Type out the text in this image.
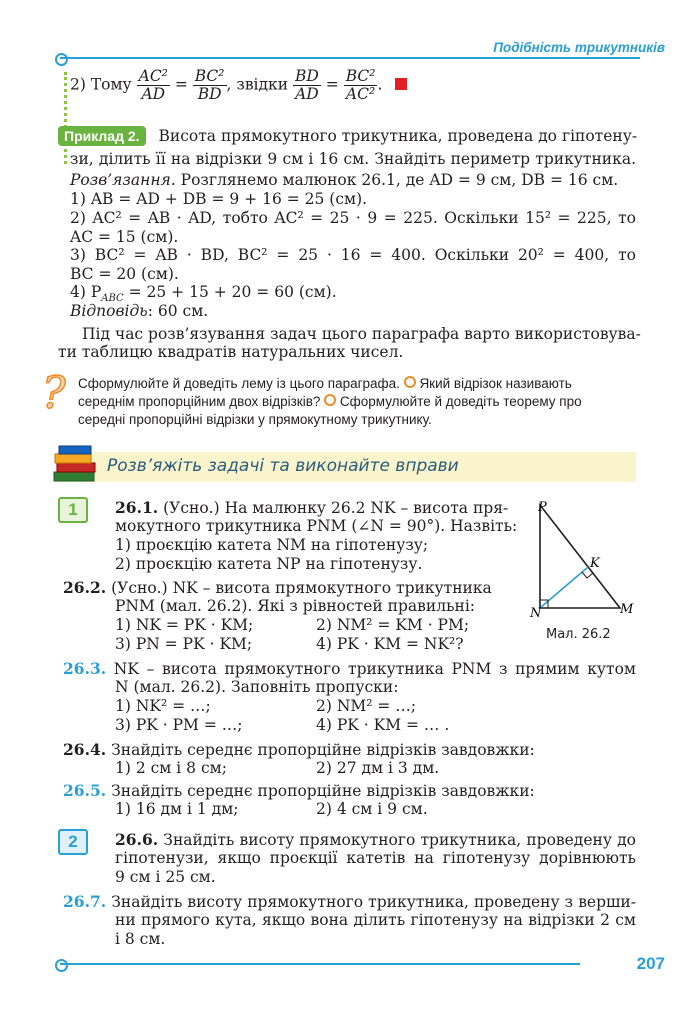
Подібність трикутників
2) Тому $\frac{\text{AC²}}{AD} = \frac{\text{BC²}}{BD}$ , звідки $\frac{BD}{AD} = \frac{\text{BC²}}{\text{AC²}}$ .
Приклад 2. Висота прямокутного трикутника, проведена до гіпотену-
зи, ділить її на відрізки 9 см і 16 см. Знайдіть периметр трикутника.
Розв’язання. Розглянемо малюнок 26.1, де AD = 9 см, DB = 16 см.
1) AB = AD + DB = 9 + 16 = 25 (см).
2) AC² = AB · AD, тобто AC² = 25 · 9 = 225. Оскільки 15² = 225, то
AC = 15 (см).
3) BC² = AB · BD, BC² = 25 · 16 = 400. Оскільки 20² = 400, то
BC = 20 (см).
4) $P_{ABC} = 25 + 15 + 20 = 60$ (см).
Відповідь: 60 см.
Під час розв’язування задач цього параграфа варто використовува-
ти таблицю квадратів натуральних чисел.
? Сформулюйте й доведіть лему із цього параграфа. Який відрізок називають
середнім пропорційним двох відрізків? Сформулюйте й доведіть теорему про
середні пропорційні відрізки у прямокутному трикутнику.
Розв’яжіть задачі та виконайте вправи
1
2
P
K
N	M
Мал. 26.2
26.1. (Усно.) На малюнку 26.2 NK – висота пря-
мокутного трикутника PNM (∠N = 90°). Назвіть:
1) проєкцію катета NM на гіпотенузу;
2) проєкцію катета NP на гіпотенузу.
26.2. (Усно.) NK – висота прямокутного трикутника
PNM (мал. 26.2). Які з рівностей правильні:
1) NK = PK · KM;	2) NM² = KM · PM;
3) PN = PK · KM;	4) PK · KM = NK²?
26.3. NK – висота прямокутного трикутника PNM з прямим кутом
N (мал. 26.2). Заповніть пропуски:
1) NK² = …;	2) NM² = …;
3) PK · PM = …;	4) PK · KM = … .
26.4. Знайдіть середнє пропорційне відрізків завдовжки:
1) 2 см і 8 см;	2) 27 дм і 3 дм.
26.5. Знайдіть середнє пропорційне відрізків завдовжки:
1) 16 дм і 1 дм;	2) 4 см і 9 см.
26.6. Знайдіть висоту прямокутного трикутника, проведену до
гіпотенузи, якщо проєкції катетів на гіпотенузу дорівнюють
9 см і 25 см.
26.7. Знайдіть висоту прямокутного трикутника, проведену з верши-
ни прямого кута, якщо вона ділить гіпотенузу на відрізки 2 см
і 8 см.
207
